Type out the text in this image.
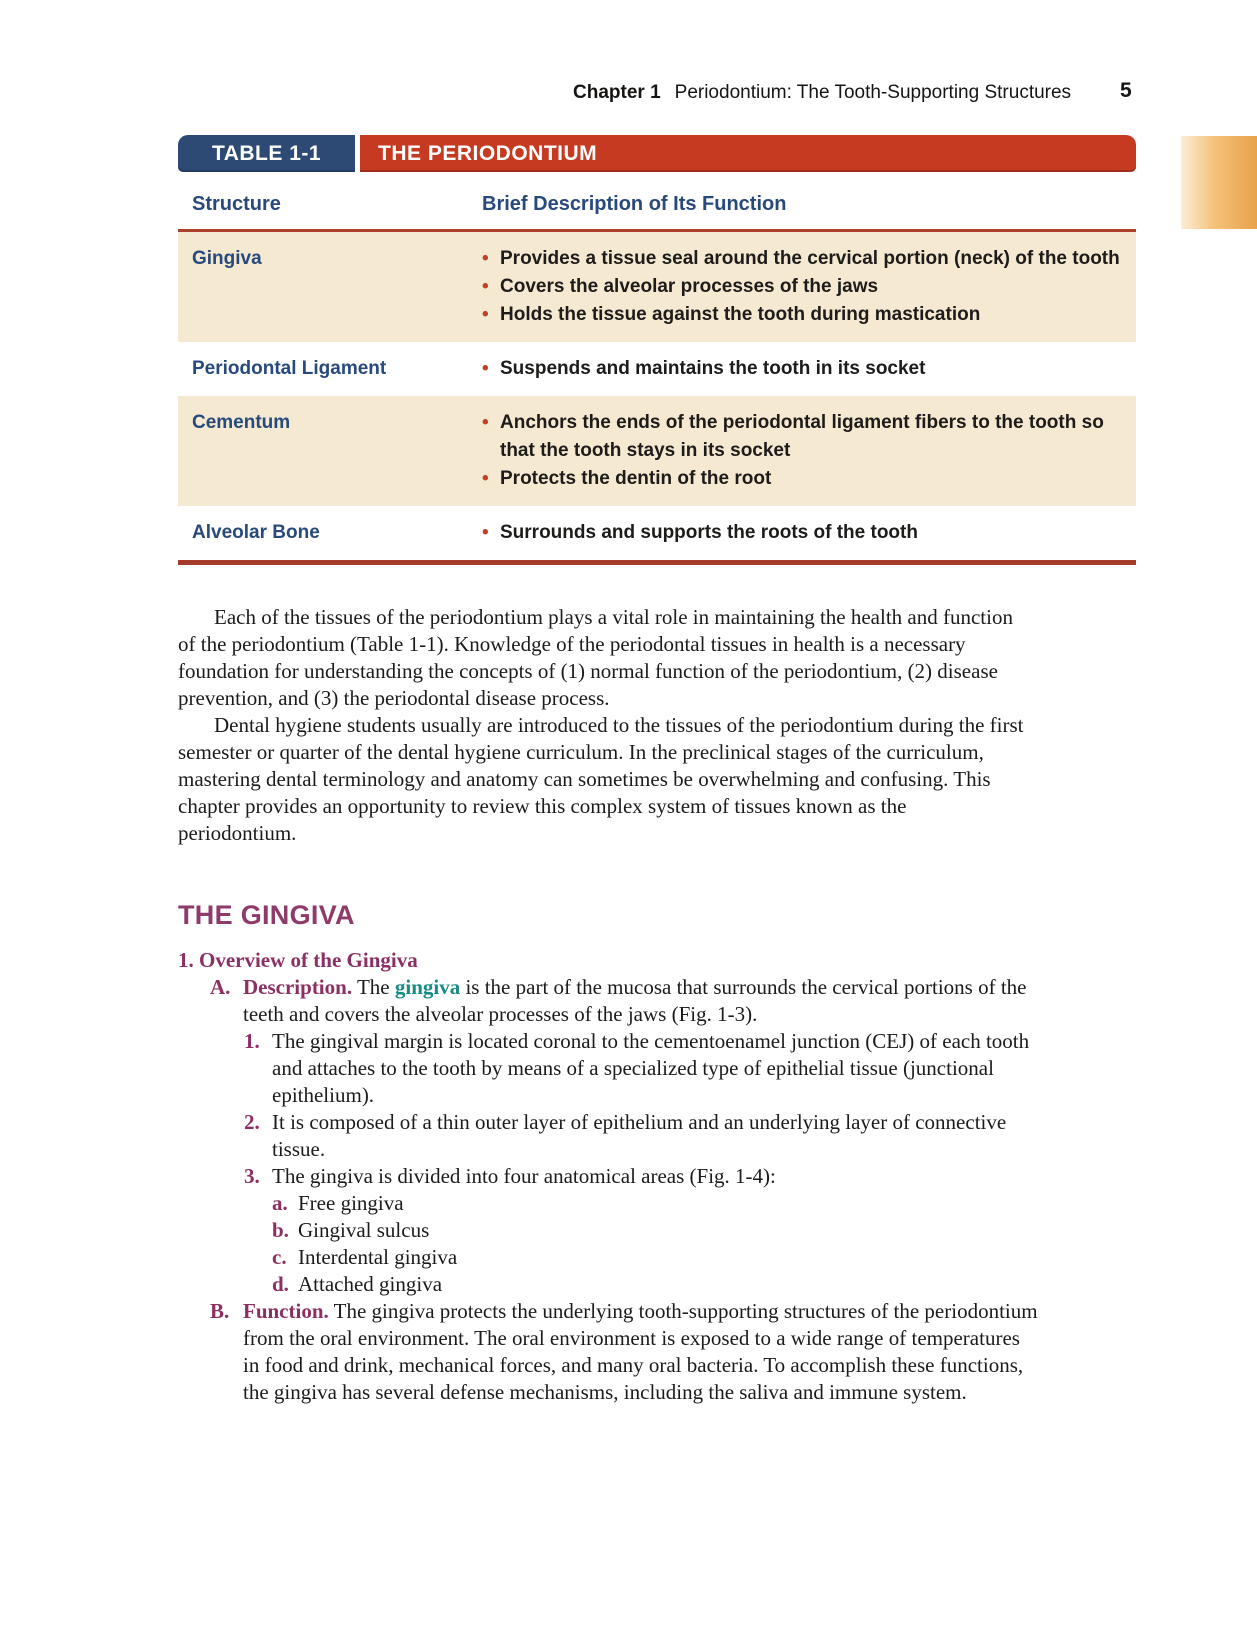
Chapter 1 Periodontium: The Tooth-Supporting Structures 5
TABLE 1-1	THE PERIODONTIUM
Structure	Brief Description of Its Function
Gingiva	• Provides a tissue seal around the cervical portion (neck) of the tooth
• Covers the alveolar processes of the jaws
• Holds the tissue against the tooth during mastication
Periodontal Ligament	• Suspends and maintains the tooth in its socket
Cementum	• Anchors the ends of the periodontal ligament fibers to the tooth so that the tooth stays in its socket
• Protects the dentin of the root
Alveolar Bone	• Surrounds and supports the roots of the tooth

Each of the tissues of the periodontium plays a vital role in maintaining the health and function of the periodontium (Table 1-1). Knowledge of the periodontal tissues in health is a necessary foundation for understanding the concepts of (1) normal function of the periodontium, (2) disease prevention, and (3) the periodontal disease process.

Dental hygiene students usually are introduced to the tissues of the periodontium during the first semester or quarter of the dental hygiene curriculum. In the preclinical stages of the curriculum, mastering dental terminology and anatomy can sometimes be overwhelming and confusing. This chapter provides an opportunity to review this complex system of tissues known as the periodontium.

THE GINGIVA
1. Overview of the Gingiva
A. Description. The gingiva is the part of the mucosa that surrounds the cervical portions of the teeth and covers the alveolar processes of the jaws (Fig. 1-3).
1. The gingival margin is located coronal to the cementoenamel junction (CEJ) of each tooth and attaches to the tooth by means of a specialized type of epithelial tissue (junctional epithelium).
2. It is composed of a thin outer layer of epithelium and an underlying layer of connective tissue.
3. The gingiva is divided into four anatomical areas (Fig. 1-4):
a. Free gingiva
b. Gingival sulcus
c. Interdental gingiva
d. Attached gingiva
B. Function. The gingiva protects the underlying tooth-supporting structures of the periodontium from the oral environment. The oral environment is exposed to a wide range of temperatures in food and drink, mechanical forces, and many oral bacteria. To accomplish these functions, the gingiva has several defense mechanisms, including the saliva and immune system.
